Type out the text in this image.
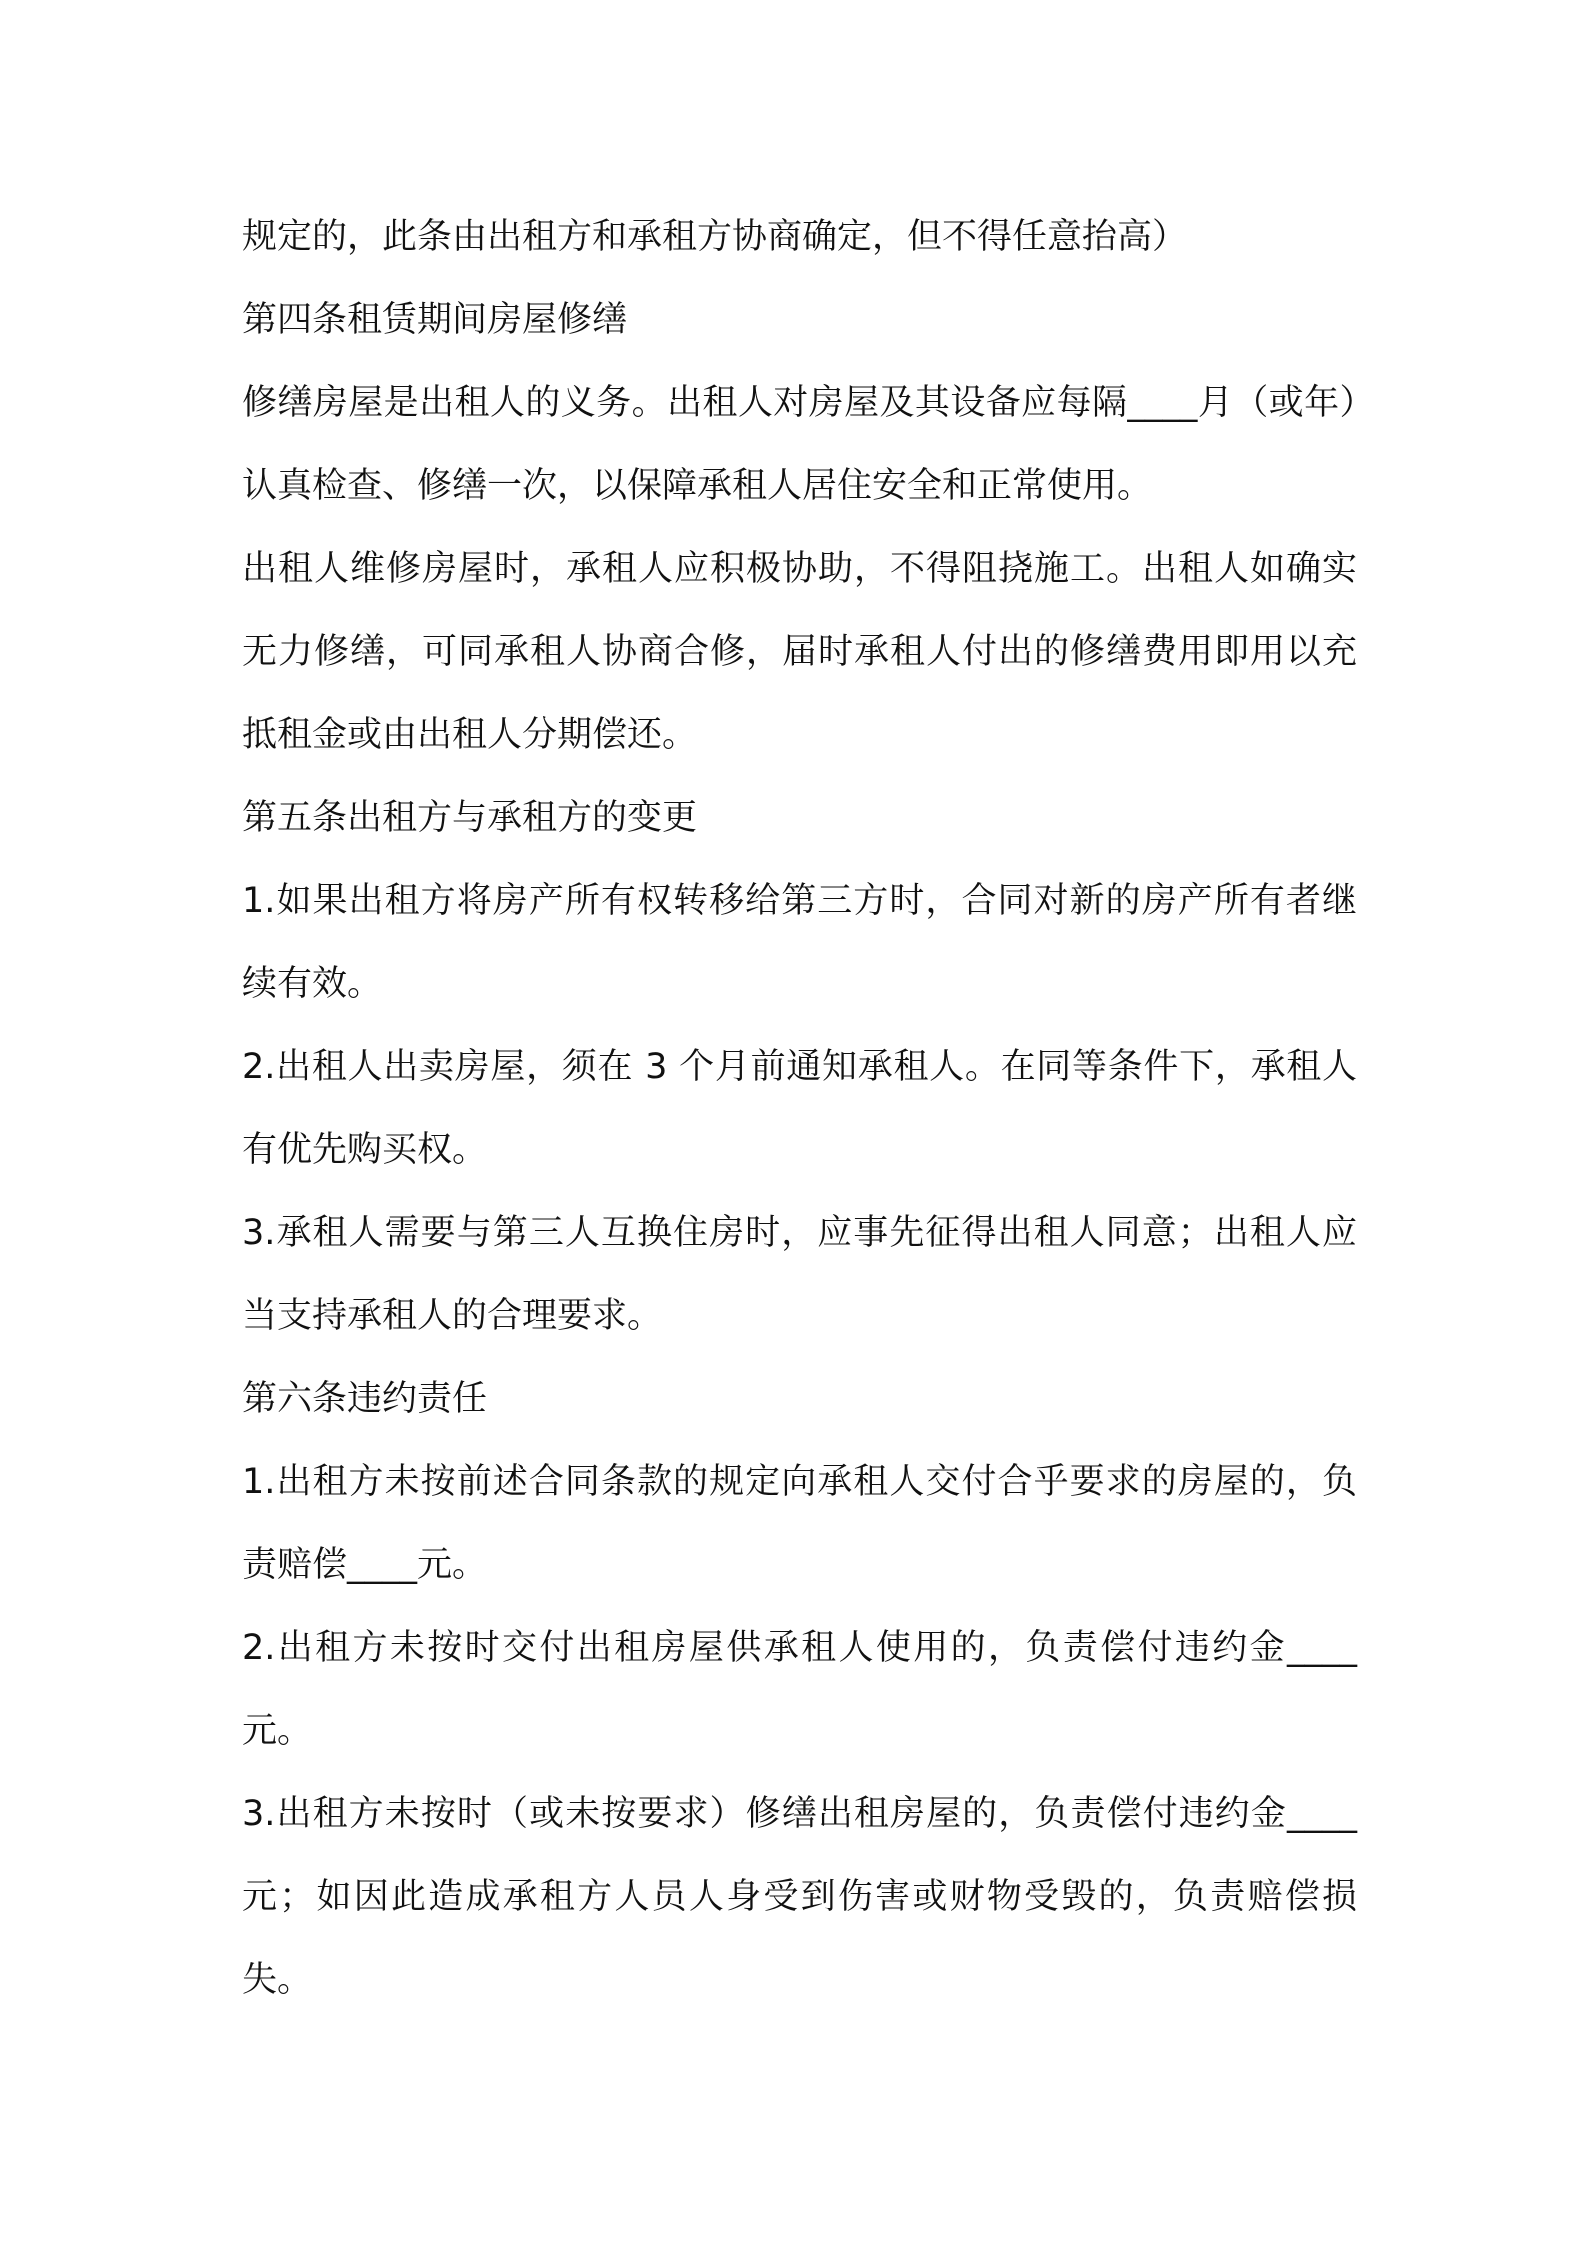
规定的，此条由出租方和承租方协商确定，但不得任意抬高）

第四条租赁期间房屋修缮

修缮房屋是出租人的义务。出租人对房屋及其设备应每隔____月（或年）认真检查、修缮一次，以保障承租人居住安全和正常使用。

出租人维修房屋时，承租人应积极协助，不得阻挠施工。出租人如确实无力修缮，可同承租人协商合修，届时承租人付出的修缮费用即用以充抵租金或由出租人分期偿还。

第五条出租方与承租方的变更

1.如果出租方将房产所有权转移给第三方时，合同对新的房产所有者继续有效。

2.出租人出卖房屋，须在 3 个月前通知承租人。在同等条件下，承租人有优先购买权。

3.承租人需要与第三人互换住房时，应事先征得出租人同意；出租人应当支持承租人的合理要求。

第六条违约责任

1.出租方未按前述合同条款的规定向承租人交付合乎要求的房屋的，负责赔偿____元。

2.出租方未按时交付出租房屋供承租人使用的，负责偿付违约金____元。

3.出租方未按时（或未按要求）修缮出租房屋的，负责偿付违约金____元；如因此造成承租方人员人身受到伤害或财物受毁的，负责赔偿损失。
